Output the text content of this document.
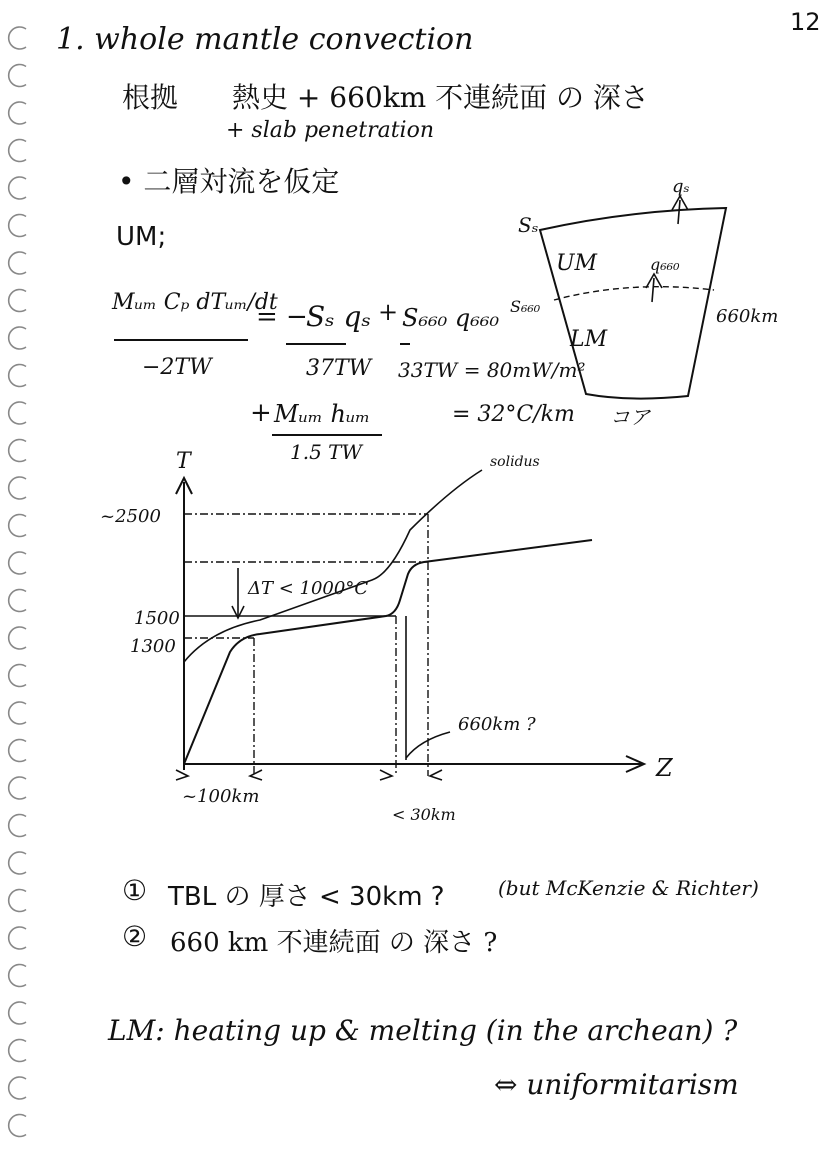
12
1. whole mantle convection
根拠 熱史 + 660km 不連続面 の 深さ
+ slab penetration
• 二層対流を仮定
UM;
Mᵤₘ Cₚ dTᵤₘ/dt
−2TW
= −
Sₛ qₛ
37TW
+ S₆₆₀ q₆₆₀
33TW = 80mW/m²
+ Mᵤₘ hᵤₘ
1.5 TW
= 32°C/km
qₛ
Sₛ
UM	q₆₆₀
S₆₆₀
LM
660km
コア
T
Z
~2500
1500
1300
solidus
ΔT < 1000°C
660km ?
~100km
< 30km
① TBL の 厚さ < 30km ?	(but McKenzie & Richter)
② 660 km 不連続面 の 深さ ?
LM: heating up & melting (in the archean) ?
⇔ uniformitarism
